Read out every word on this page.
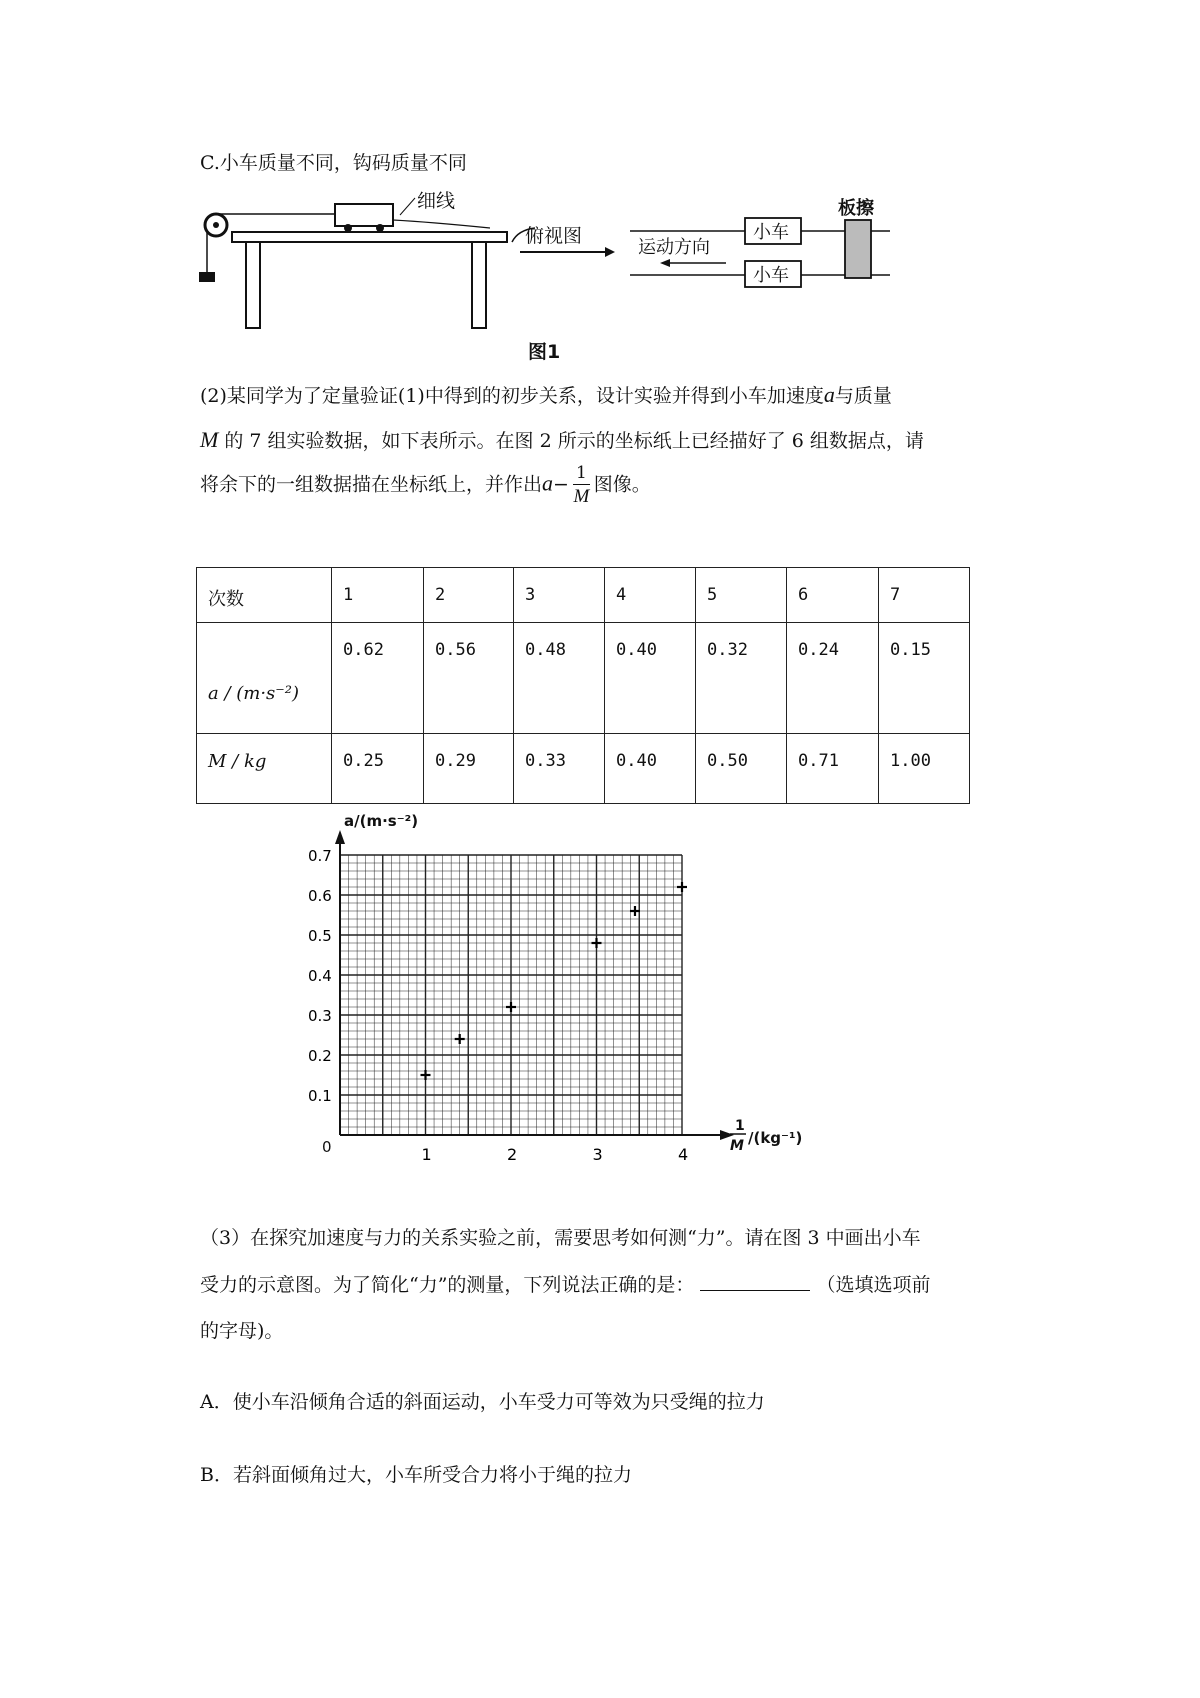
C.小车质量不同，钩码质量不同
细线
俯视图	小车
小车
板擦
运动方向
图1
(2)某同学为了定量验证(1)中得到的初步关系，设计实验并得到小车加速度a与质量
M 的 7 组实验数据，如下表所示。在图 2 所示的坐标纸上已经描好了 6 组数据点，请
将余下的一组数据描在坐标纸上，并作出$a- \frac{1}{M}$ 图像。
次数	1	2	3	4	5	6	7
a / (m·s⁻²)	0.62	0.56	0.48	0.40	0.32	0.24	0.15
M / kg	0.25	0.29	0.33	0.40	0.50	0.71	1.00
1	2	3	4
0.1
0.2
0.3
0.4
0.5
0.6
0.7
a/(m·s⁻²)
0
1
M /(kg⁻¹)
（3）在探究加速度与力的关系实验之前，需要思考如何测“力”。请在图 3 中画出小车
受力的示意图。为了简化“力”的测量，下列说法正确的是：	（选填选项前
的字母)。
A．使小车沿倾角合适的斜面运动，小车受力可等效为只受绳的拉力
B．若斜面倾角过大，小车所受合力将小于绳的拉力
